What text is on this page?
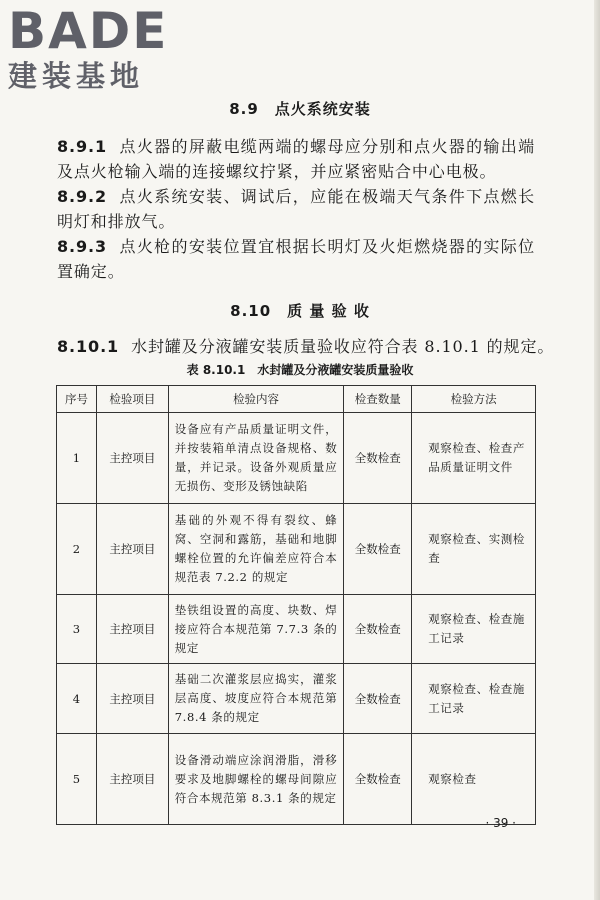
BADE
建装基地
8.9　点火系统安装
8.9.1 点火器的屏蔽电缆两端的螺母应分别和点火器的输出端及点火枪输入端的连接螺纹拧紧，并应紧密贴合中心电极。
8.9.2 点火系统安装、调试后，应能在极端天气条件下点燃长明灯和排放气。
8.9.3 点火枪的安装位置宜根据长明灯及火炬燃烧器的实际位置确定。
8.10　质 量 验 收
8.10.1 水封罐及分液罐安装质量验收应符合表 8.10.1 的规定。
表 8.10.1　水封罐及分液罐安装质量验收
序号	检验项目	检验内容	检查数量	检验方法
1	主控项目	设备应有产品质量证明文件，并按装箱单清点设备规格、数量，并记录。设备外观质量应无损伤、变形及锈蚀缺陷	全数检查	观察检查、检查产品质量证明文件
2	主控项目	基础的外观不得有裂纹、蜂窝、空洞和露筋，基础和地脚螺栓位置的允许偏差应符合本规范表 7.2.2 的规定	全数检查	观察检查、实测检查
3	主控项目	垫铁组设置的高度、块数、焊接应符合本规范第 7.7.3 条的规定	全数检查	观察检查、检查施工记录
4	主控项目	基础二次灌浆层应捣实，灌浆层高度、坡度应符合本规范第 7.8.4 条的规定	全数检查	观察检查、检查施工记录
5	主控项目	设备滑动端应涂润滑脂，滑移要求及地脚螺栓的螺母间隙应符合本规范第 8.3.1 条的规定	全数检查	观察检查
· 39 ·
